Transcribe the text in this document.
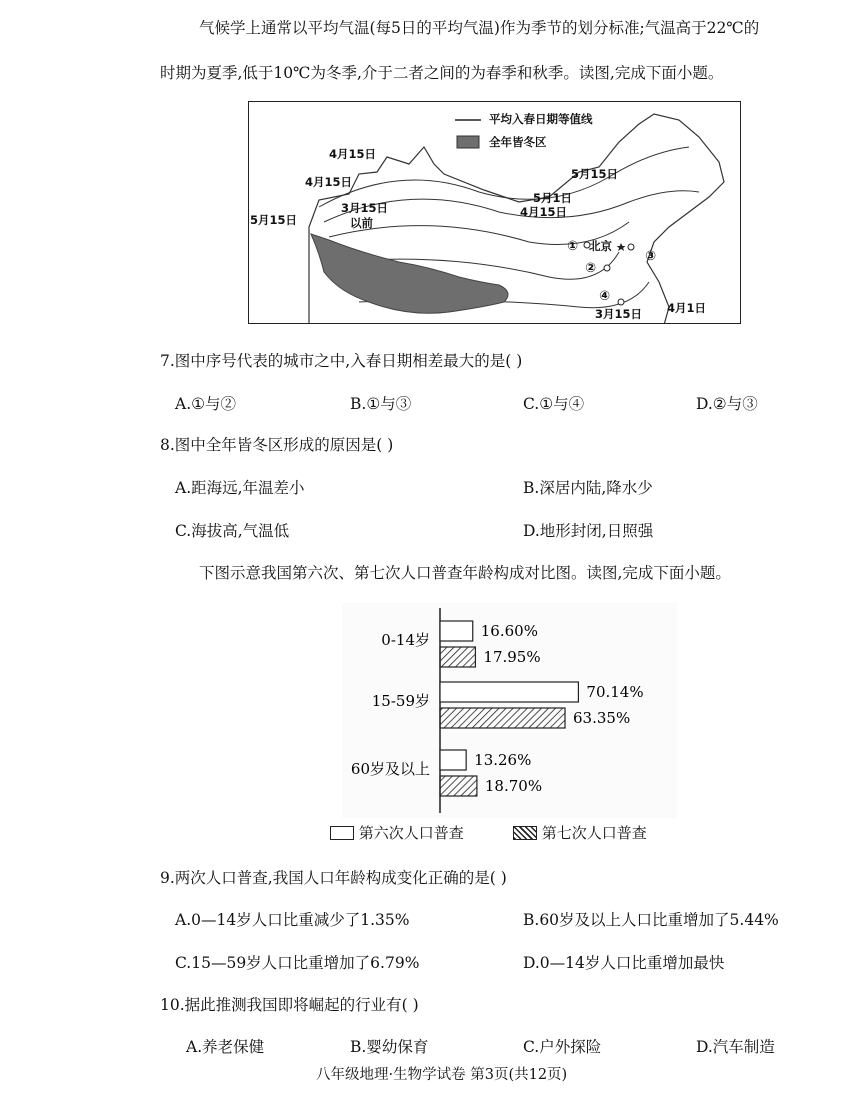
气候学上通常以平均气温(每5日的平均气温)作为季节的划分标准;气温高于22℃的
时期为夏季,低于10℃为冬季,介于二者之间的为春季和秋季。读图,完成下面小题。
平均入春日期等值线
全年皆冬区
4月15日
4月15日
5月15日
3月15日
以前
5月15日
5月1日
4月15日
① 北京
②
③
④
3月15日 4月1日
7.图中序号代表的城市之中,入春日期相差最大的是( )
A.①与②	B.①与③	C.①与④	D.②与③
8.图中全年皆冬区形成的原因是( )
A.距海远,年温差小	B.深居内陆,降水少
C.海拔高,气温低	D.地形封闭,日照强
下图示意我国第六次、第七次人口普查年龄构成对比图。读图,完成下面小题。
0-14岁	16.60%
17.95%
15-59岁	70.14%
63.35%
60岁及以上	13.26%
18.70%
第六次人口普查	第七次人口普查
9.两次人口普查,我国人口年龄构成变化正确的是( )
A.0—14岁人口比重减少了1.35%	B.60岁及以上人口比重增加了5.44%
C.15—59岁人口比重增加了6.79%	D.0—14岁人口比重增加最快
10.据此推测我国即将崛起的行业有( )
A.养老保健	B.婴幼保育	C.户外探险	D.汽车制造
八年级地理·生物学试卷 第3页(共12页)
